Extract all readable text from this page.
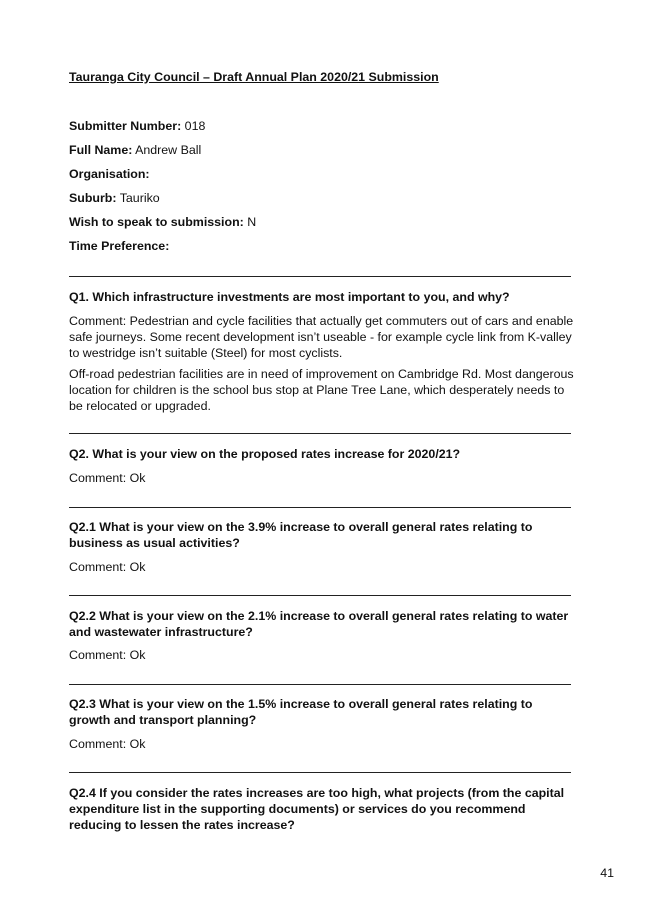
Tauranga City Council – Draft Annual Plan 2020/21 Submission
Submitter Number: 018
Full Name: Andrew Ball
Organisation:
Suburb: Tauriko
Wish to speak to submission: N
Time Preference:
Q1. Which infrastructure investments are most important to you, and why?
Comment: Pedestrian and cycle facilities that actually get commuters out of cars and enable safe journeys. Some recent development isn’t useable - for example cycle link from K-valley to westridge isn’t suitable (Steel) for most cyclists.
Off-road pedestrian facilities are in need of improvement on Cambridge Rd. Most dangerous location for children is the school bus stop at Plane Tree Lane, which desperately needs to be relocated or upgraded.
Q2. What is your view on the proposed rates increase for 2020/21?
Comment: Ok
Q2.1 What is your view on the 3.9% increase to overall general rates relating to business as usual activities?
Comment: Ok
Q2.2 What is your view on the 2.1% increase to overall general rates relating to water and wastewater infrastructure?
Comment: Ok
Q2.3 What is your view on the 1.5% increase to overall general rates relating to growth and transport planning?
Comment: Ok
Q2.4 If you consider the rates increases are too high, what projects (from the capital expenditure list in the supporting documents) or services do you recommend reducing to lessen the rates increase?
41
